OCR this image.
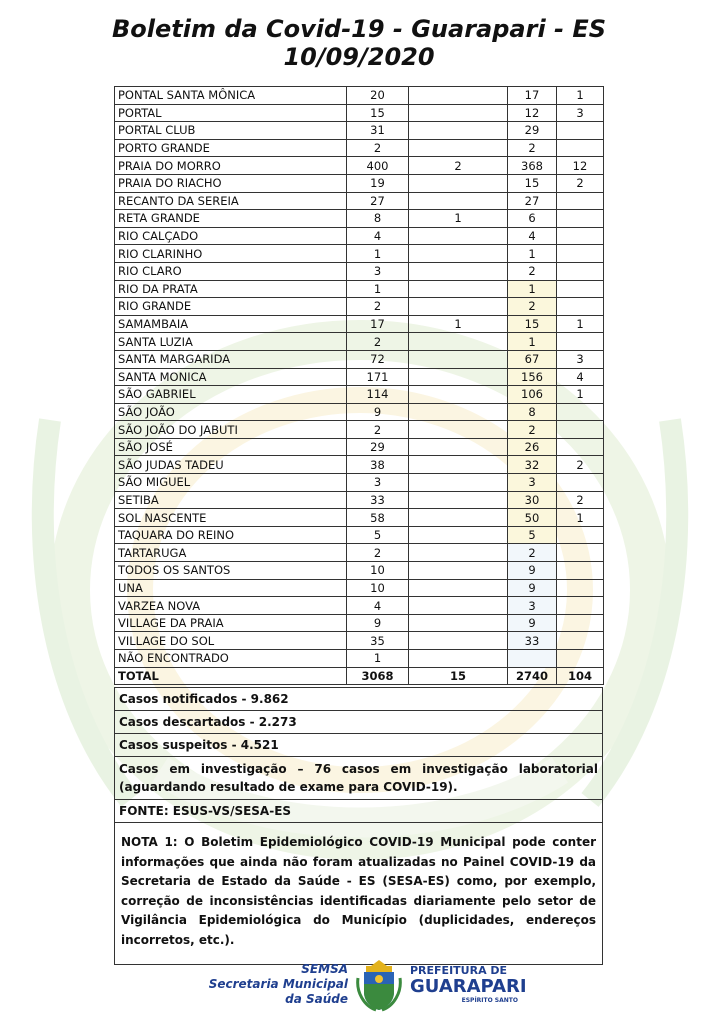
Boletim da Covid-19 - Guarapari - ES
10/09/2020
PONTAL SANTA MÔNICA	20		17	1
PORTAL	15		12	3
PORTAL CLUB	31		29	
PORTO GRANDE	2		2	
PRAIA DO MORRO	400	2	368	12
PRAIA DO RIACHO	19		15	2
RECANTO DA SEREIA	27		27	
RETA GRANDE	8	1	6	
RIO CALÇADO	4		4	
RIO CLARINHO	1		1	
RIO CLARO	3		2	
RIO DA PRATA	1		1	
RIO GRANDE	2		2	
SAMAMBAIA	17	1	15	1
SANTA LUZIA	2		1	
SANTA MARGARIDA	72		67	3
SANTA MONICA	171		156	4
SÃO GABRIEL	114		106	1
SÃO JOÃO	9		8	
SÃO JOÃO DO JABUTI	2		2	
SÃO JOSÉ	29		26	
SÃO JUDAS TADEU	38		32	2
SÃO MIGUEL	3		3	
SETIBA	33		30	2
SOL NASCENTE	58		50	1
TAQUARA DO REINO	5		5	
TARTARUGA	2		2	
TODOS OS SANTOS	10		9	
UNA	10		9	
VARZEA NOVA	4		3	
VILLAGE DA PRAIA	9		9	
VILLAGE DO SOL	35		33	
NÃO ENCONTRADO	1			
TOTAL	3068	15	2740	104
Casos notificados - 9.862
Casos descartados - 2.273
Casos suspeitos - 4.521
Casos em investigação – 76 casos em investigação laboratorial (aguardando resultado de exame para COVID-19).
FONTE: ESUS-VS/SESA-ES
NOTA 1: O Boletim Epidemiológico COVID-19 Municipal pode conter informações que ainda não foram atualizadas no Painel COVID-19 da Secretaria de Estado da Saúde - ES (SESA-ES) como, por exemplo, correção de inconsistências identificadas diariamente pelo setor de Vigilância Epidemiológica do Município (duplicidades, endereços incorretos, etc.).
SEMSA
Secretaria Municipal
da Saúde
PREFEITURA DE
GUARAPARI
ESPÍRITO SANTO
